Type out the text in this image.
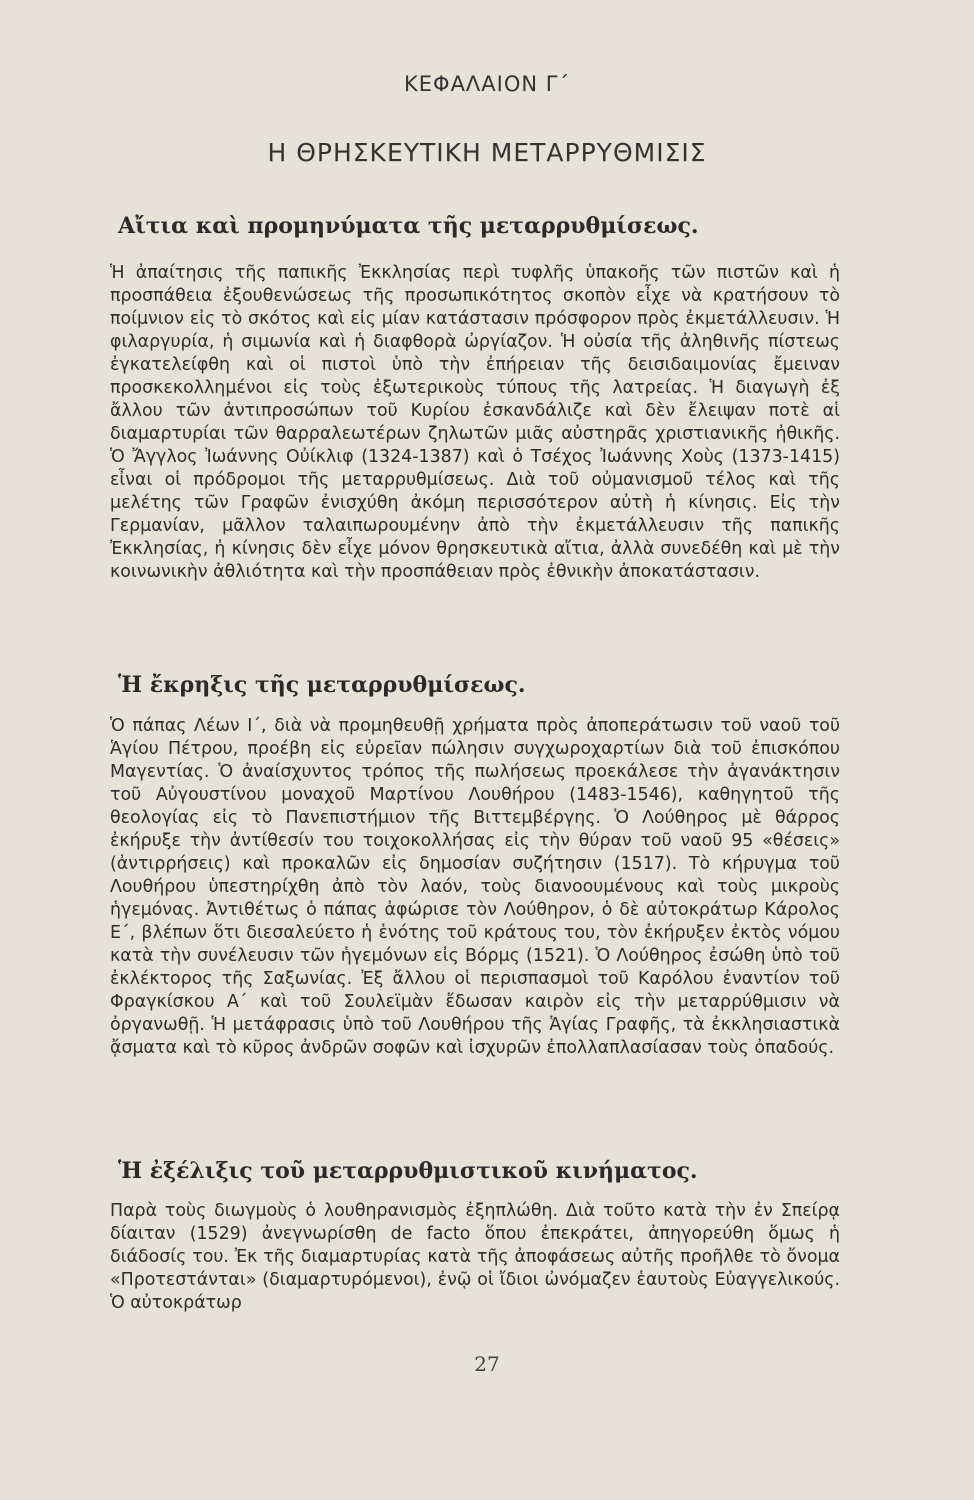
ΚΕΦΑΛΑΙΟΝ Γ΄
Η ΘΡΗΣΚΕΥΤΙΚΗ ΜΕΤΑΡΡΥΘΜΙΣΙΣ
Αἴτια καὶ προμηνύματα τῆς μεταρρυθμίσεως.
Ἡ ἀπαίτησις τῆς παπικῆς Ἐκκλησίας περὶ τυφλῆς ὑπακοῆς τῶν πιστῶν καὶ ἡ προσπάθεια ἐξουθενώσεως τῆς προσωπικότητος σκοπὸν εἶχε νὰ κρατήσουν τὸ ποίμνιον εἰς τὸ σκότος καὶ εἰς μίαν κατάστασιν πρόσφορον πρὸς ἐκμετάλλευσιν. Ἡ φιλαργυρία, ἡ σιμωνία καὶ ἡ διαφθορὰ ὠργίαζον. Ἡ οὐσία τῆς ἀληθινῆς πίστεως ἐγκατελείφθη καὶ οἱ πιστοὶ ὑπὸ τὴν ἐπήρειαν τῆς δεισιδαιμονίας ἔμειναν προσκεκολλημένοι εἰς τοὺς ἐξωτερικοὺς τύπους τῆς λατρείας. Ἡ διαγωγὴ ἐξ ἄλλου τῶν ἀντιπροσώπων τοῦ Κυρίου ἐσκανδάλιζε καὶ δὲν ἔλειψαν ποτὲ αἱ διαμαρτυρίαι τῶν θαρραλεωτέρων ζηλωτῶν μιᾶς αὐστηρᾶς χριστιανικῆς ἠθικῆς. Ὁ Ἄγγλος Ἰωάννης Οὐίκλιφ (1324-1387) καὶ ὁ Τσέχος Ἰωάννης Χοὺς (1373-1415) εἶναι οἱ πρόδρομοι τῆς μεταρρυθμίσεως. Διὰ τοῦ οὐμανισμοῦ τέλος καὶ τῆς μελέτης τῶν Γραφῶν ἐνισχύθη ἀκόμη περισσότερον αὐτὴ ἡ κίνησις. Εἰς τὴν Γερμανίαν, μᾶλλον ταλαιπωρουμένην ἀπὸ τὴν ἐκμετάλλευσιν τῆς παπικῆς Ἐκκλησίας, ἡ κίνησις δὲν εἶχε μόνον θρησκευτικὰ αἴτια, ἀλλὰ συνεδέθη καὶ μὲ τὴν κοινωνικὴν ἀθλιότητα καὶ τὴν προσπάθειαν πρὸς ἐθνικὴν ἀποκατάστασιν.
Ἡ ἔκρηξις τῆς μεταρρυθμίσεως.
Ὁ πάπας Λέων Ι΄, διὰ νὰ προμηθευθῇ χρήματα πρὸς ἀποπεράτωσιν τοῦ ναοῦ τοῦ Ἁγίου Πέτρου, προέβη εἰς εὐρεῖαν πώλησιν συγχωροχαρτίων διὰ τοῦ ἐπισκόπου Μαγεντίας. Ὁ ἀναίσχυντος τρόπος τῆς πωλήσεως προεκάλεσε τὴν ἀγανάκτησιν τοῦ Αὐγουστίνου μοναχοῦ Μαρτίνου Λουθήρου (1483-1546), καθηγητοῦ τῆς θεολογίας εἰς τὸ Πανεπιστήμιον τῆς Βιττεμβέργης. Ὁ Λούθηρος μὲ θάρρος ἐκήρυξε τὴν ἀντίθεσίν του τοιχοκολλήσας εἰς τὴν θύραν τοῦ ναοῦ 95 «θέσεις» (ἀντιρρήσεις) καὶ προκαλῶν εἰς δημοσίαν συζήτησιν (1517). Τὸ κήρυγμα τοῦ Λουθήρου ὑπεστηρίχθη ἀπὸ τὸν λαόν, τοὺς διανοουμένους καὶ τοὺς μικροὺς ἡγεμόνας. Ἀντιθέτως ὁ πάπας ἀφώρισε τὸν Λούθηρον, ὁ δὲ αὐτοκράτωρ Κάρολος Ε΄, βλέπων ὅτι διεσαλεύετο ἡ ἑνότης τοῦ κράτους του, τὸν ἐκήρυξεν ἐκτὸς νόμου κατὰ τὴν συνέλευσιν τῶν ἡγεμόνων εἰς Βόρμς (1521). Ὁ Λούθηρος ἐσώθη ὑπὸ τοῦ ἐκλέκτορος τῆς Σαξωνίας. Ἐξ ἄλλου οἱ περισπασμοὶ τοῦ Καρόλου ἐναντίον τοῦ Φραγκίσκου Α΄ καὶ τοῦ Σουλεϊμὰν ἔδωσαν καιρὸν εἰς τὴν μεταρρύθμισιν νὰ ὀργανωθῇ. Ἡ μετάφρασις ὑπὸ τοῦ Λουθήρου τῆς Ἁγίας Γραφῆς, τὰ ἐκκλησιαστικὰ ᾄσματα καὶ τὸ κῦρος ἀνδρῶν σοφῶν καὶ ἰσχυρῶν ἐπολλαπλασίασαν τοὺς ὀπαδούς.
Ἡ ἐξέλιξις τοῦ μεταρρυθμιστικοῦ κινήματος.
Παρὰ τοὺς διωγμοὺς ὁ λουθηρανισμὸς ἐξηπλώθη. Διὰ τοῦτο κατὰ τὴν ἐν Σπείρᾳ δίαιταν (1529) ἀνεγνωρίσθη de facto ὅπου ἐπεκράτει, ἀπηγορεύθη ὅμως ἡ διάδοσίς του. Ἐκ τῆς διαμαρτυρίας κατὰ τῆς ἀποφάσεως αὐτῆς προῆλθε τὸ ὄνομα «Προτεστάνται» (διαμαρτυρόμενοι), ἐνῷ οἱ ἴδιοι ὠνόμαζεν ἑαυτοὺς Εὐαγγελικούς. Ὁ αὐτοκράτωρ
27
